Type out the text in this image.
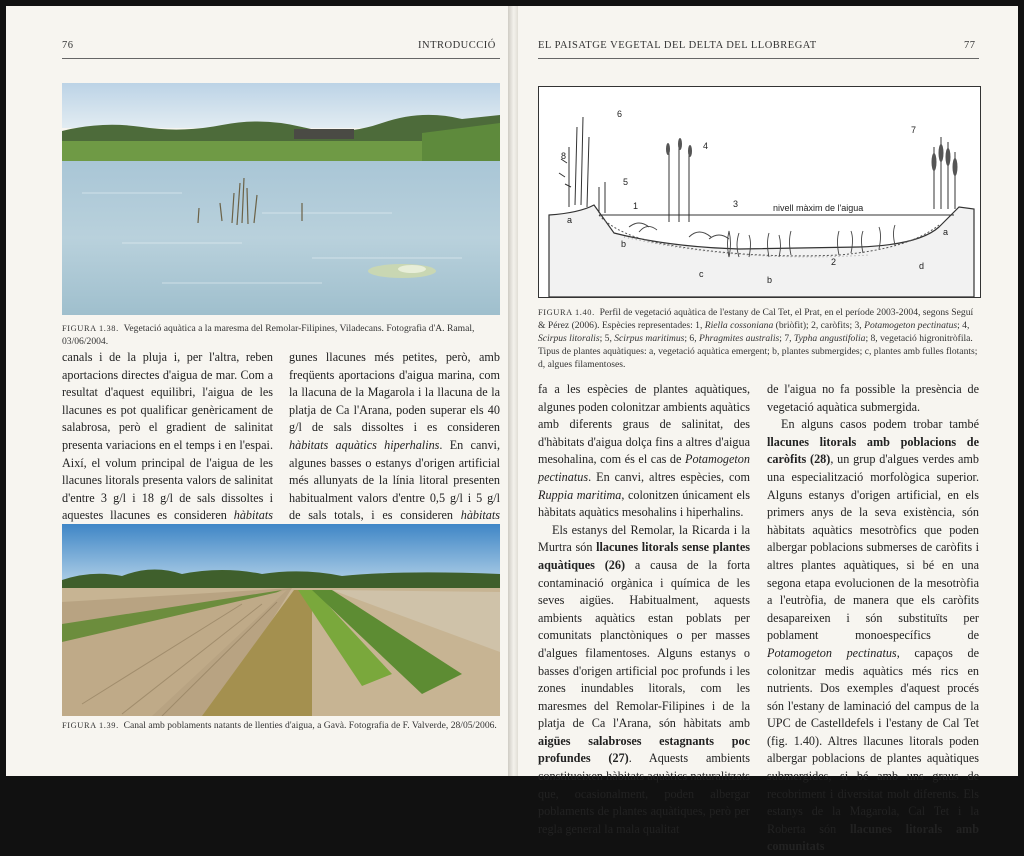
76	INTRODUCCIÓ
FIGURA 1.38. Vegetació aquàtica a la maresma del Remolar-Filipines, Viladecans. Fotografia d'A. Ramal, 03/06/2004.

canals i de la pluja i, per l'altra, reben aportacions directes d'aigua de mar. Com a resultat d'aquest equilibri, l'aigua de les llacunes es pot qualificar genèricament de salabrosa, però el gradient de salinitat presenta variacions en el temps i en l'espai. Així, el volum principal de l'aigua de les llacunes litorals presenta valors de salinitat d'entre 3 g/l i 18 g/l de sals dissoltes i aquestes llacunes es consideren hàbitats

gunes llacunes més petites, però, amb freqüents aportacions d'aigua marina, com la llacuna de la Magarola i la llacuna de la platja de Ca l'Arana, poden superar els 40 g/l de sals dissoltes i es consideren hàbitats aquàtics hiperhalins. En canvi, algunes basses o estanys d'origen artificial més allunyats de la línia litoral presenten habitualment valors d'entre 0,5 g/l i 5 g/l de sals totals, i es consideren hàbitats

FIGURA 1.39. Canal amb poblaments natants de llenties d'aigua, a Gavà. Fotografia de F. Valverde, 28/05/2006.
EL PAISATGE VEGETAL DEL DELTA DEL LLOBREGAT	77
8
6
5
1
4
3
2
7
nivell màxim de l'aigua
a
b
c
b
d
a
FIGURA 1.40. Perfil de vegetació aquàtica de l'estany de Cal Tet, el Prat, en el període 2003-2004, segons Seguí & Pérez (2006). Espècies representades: 1, Riella cossoniana (briòfit); 2, caròfits; 3, Potamogeton pectinatus; 4, Scirpus litoralis; 5, Scirpus maritimus; 6, Phragmites australis; 7, Typha angustifolia; 8, vegetació higronitròfila. Tipus de plantes aquàtiques: a, vegetació aquàtica emergent; b, plantes submergides; c, plantes amb fulles flotants; d, algues filamentoses.

fa a les espècies de plantes aquàtiques, algunes poden colonitzar ambients aquàtics amb diferents graus de salinitat, des d'hàbitats d'aigua dolça fins a altres d'aigua mesohalina, com és el cas de Potamogeton pectinatus. En canvi, altres espècies, com Ruppia maritima, colonitzen únicament els hàbitats aquàtics mesohalins i hiperhalins.

Els estanys del Remolar, la Ricarda i la Murtra són llacunes litorals sense plantes aquàtiques (26) a causa de la forta contaminació orgànica i química de les seves aigües. Habitualment, aquests ambients aquàtics estan poblats per comunitats planctòniques o per masses d'algues filamentoses. Alguns estanys o basses d'origen artificial poc profunds i les zones inundables litorals, com les maresmes del Remolar-Filipines i de la platja de Ca l'Arana, són hàbitats amb aigües salabroses estagnants poc profundes (27). Aquests ambients constitueixen hàbitats aquàtics naturalitzats que, ocasionalment, poden albergar poblaments de plantes aquàtiques, però per regla general la mala qualitat

de l'aigua no fa possible la presència de vegetació aquàtica submergida.

En alguns casos podem trobar també llacunes litorals amb poblacions de caròfits (28), un grup d'algues verdes amb una especialització morfològica superior. Alguns estanys d'origen artificial, en els primers anys de la seva existència, són hàbitats aquàtics mesotròfics que poden albergar poblacions submerses de caròfits i altres plantes aquàtiques, si bé en una segona etapa evolucionen de la mesotròfia a l'eutròfia, de manera que els caròfits desapareixen i són substituïts per poblament monoespecífics de Potamogeton pectinatus, capaços de colonitzar medis aquàtics més rics en nutrients. Dos exemples d'aquest procés són l'estany de laminació del campus de la UPC de Castelldefels i l'estany de Cal Tet (fig. 1.40). Altres llacunes litorals poden albergar poblacions de plantes aquàtiques submergides, si bé amb uns graus de recobriment i diversitat molt diferents. Els estanys de la Magarola, Cal Tet i la Roberta són llacunes litorals amb comunitats
